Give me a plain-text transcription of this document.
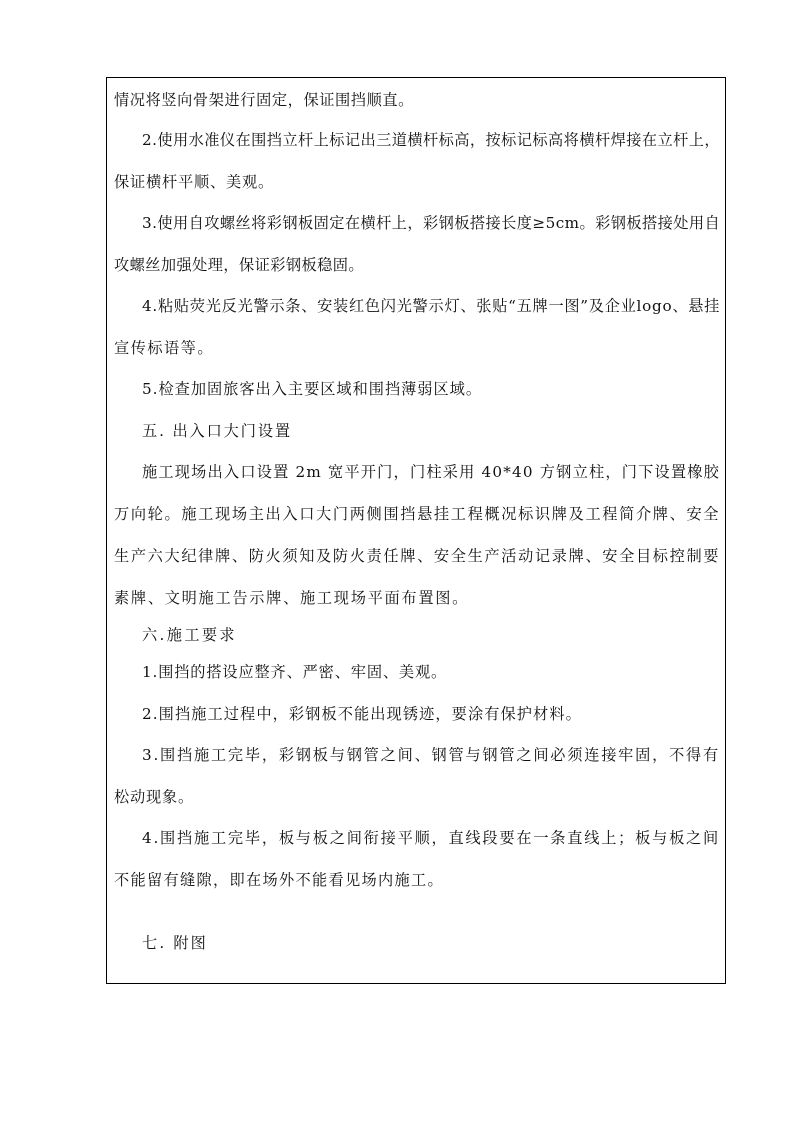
情况将竖向骨架进行固定，保证围挡顺直。
2.使用水准仪在围挡立杆上标记出三道横杆标高，按标记标高将横杆焊接在立杆上，
保证横杆平顺、美观。
3.使用自攻螺丝将彩钢板固定在横杆上，彩钢板搭接长度≥5cm。彩钢板搭接处用自
攻螺丝加强处理，保证彩钢板稳固。
4.粘贴荧光反光警示条、安装红色闪光警示灯、张贴“五牌一图”及企业logo、悬挂
宣传标语等。
5.检查加固旅客出入主要区域和围挡薄弱区域。
五. 出入口大门设置
施工现场出入口设置 2m 宽平开门，门柱采用 40*40 方钢立柱，门下设置橡胶
万向轮。施工现场主出入口大门两侧围挡悬挂工程概况标识牌及工程简介牌、安全
生产六大纪律牌、防火须知及防火责任牌、安全生产活动记录牌、安全目标控制要
素牌、文明施工告示牌、施工现场平面布置图。
六.施工要求
1.围挡的搭设应整齐、严密、牢固、美观。
2.围挡施工过程中，彩钢板不能出现锈迹，要涂有保护材料。
3.围挡施工完毕，彩钢板与钢管之间、钢管与钢管之间必须连接牢固，不得有
松动现象。
4.围挡施工完毕，板与板之间衔接平顺，直线段要在一条直线上；板与板之间
不能留有缝隙，即在场外不能看见场内施工。
七. 附图
